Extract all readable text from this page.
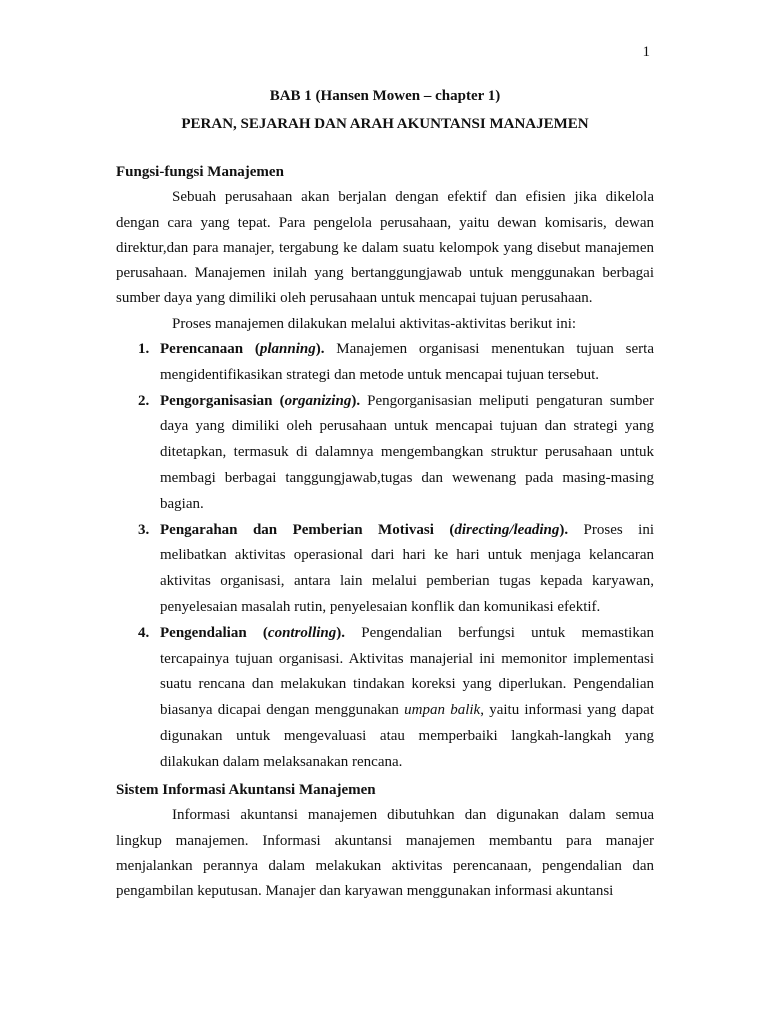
1
BAB 1 (Hansen Mowen – chapter 1)
PERAN, SEJARAH DAN ARAH AKUNTANSI MANAJEMEN

Fungsi-fungsi Manajemen

Sebuah perusahaan akan berjalan dengan efektif dan efisien jika dikelola dengan cara yang tepat. Para pengelola perusahaan, yaitu dewan komisaris, dewan direktur,dan para manajer, tergabung ke dalam suatu kelompok yang disebut manajemen perusahaan. Manajemen inilah yang bertanggungjawab untuk menggunakan berbagai sumber daya yang dimiliki oleh perusahaan untuk mencapai tujuan perusahaan.

Proses manajemen dilakukan melalui aktivitas-aktivitas berikut ini:

1. Perencanaan (planning). Manajemen organisasi menentukan tujuan serta mengidentifikasikan strategi dan metode untuk mencapai tujuan tersebut.
2. Pengorganisasian (organizing). Pengorganisasian meliputi pengaturan sumber daya yang dimiliki oleh perusahaan untuk mencapai tujuan dan strategi yang ditetapkan, termasuk di dalamnya mengembangkan struktur perusahaan untuk membagi berbagai tanggungjawab,tugas dan wewenang pada masing-masing bagian.
3. Pengarahan dan Pemberian Motivasi (directing/leading). Proses ini melibatkan aktivitas operasional dari hari ke hari untuk menjaga kelancaran aktivitas organisasi, antara lain melalui pemberian tugas kepada karyawan, penyelesaian masalah rutin, penyelesaian konflik dan komunikasi efektif.
4. Pengendalian (controlling). Pengendalian berfungsi untuk memastikan tercapainya tujuan organisasi. Aktivitas manajerial ini memonitor implementasi suatu rencana dan melakukan tindakan koreksi yang diperlukan. Pengendalian biasanya dicapai dengan menggunakan umpan balik, yaitu informasi yang dapat digunakan untuk mengevaluasi atau memperbaiki langkah-langkah yang dilakukan dalam melaksanakan rencana.

Sistem Informasi Akuntansi Manajemen

Informasi akuntansi manajemen dibutuhkan dan digunakan dalam semua lingkup manajemen. Informasi akuntansi manajemen membantu para manajer menjalankan perannya dalam melakukan aktivitas perencanaan, pengendalian dan pengambilan keputusan. Manajer dan karyawan menggunakan informasi akuntansi
